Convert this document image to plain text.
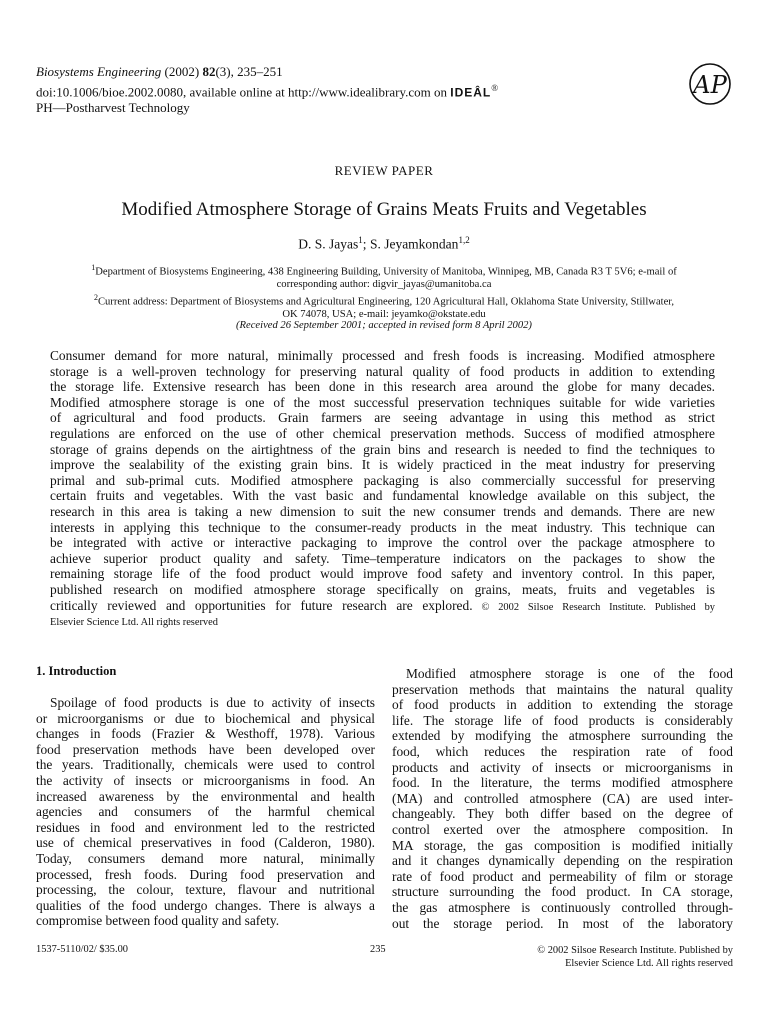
Biosystems Engineering (2002) 82(3), 235–251
doi:10.1006/bioe.2002.0080, available online at http://www.idealibrary.com on IDEÂL®
PH—Postharvest Technology
AP
REVIEW PAPER
Modified Atmosphere Storage of Grains Meats Fruits and Vegetables
D. S. Jayas$^1$; S. Jeyamkondan$^{1,2}$
$^1$Department of Biosystems Engineering, 438 Engineering Building, University of Manitoba, Winnipeg, MB, Canada R3 T 5V6; e-mail of
corresponding author: digvir_jayas@umanitoba.ca
$^2$Current address: Department of Biosystems and Agricultural Engineering, 120 Agricultural Hall, Oklahoma State University, Stillwater,
OK 74078, USA; e-mail: jeyamko@okstate.edu
(Received 26 September 2001; accepted in revised form 8 April 2002)
Consumer demand for more natural, minimally processed and fresh foods is increasing. Modified atmosphere
storage is a well-proven technology for preserving natural quality of food products in addition to extending
the storage life. Extensive research has been done in this research area around the globe for many decades.
Modified atmosphere storage is one of the most successful preservation techniques suitable for wide varieties
of agricultural and food products. Grain farmers are seeing advantage in using this method as strict
regulations are enforced on the use of other chemical preservation methods. Success of modified atmosphere
storage of grains depends on the airtightness of the grain bins and research is needed to find the techniques to
improve the sealability of the existing grain bins. It is widely practiced in the meat industry for preserving
primal and sub-primal cuts. Modified atmosphere packaging is also commercially successful for preserving
certain fruits and vegetables. With the vast basic and fundamental knowledge available on this subject, the
research in this area is taking a new dimension to suit the new consumer trends and demands. There are new
interests in applying this technique to the consumer-ready products in the meat industry. This technique can
be integrated with active or interactive packaging to improve the control over the package atmosphere to
achieve superior product quality and safety. Time–temperature indicators on the packages to show the
remaining storage life of the food product would improve food safety and inventory control. In this paper,
published research on modified atmosphere storage specifically on grains, meats, fruits and vegetables is
critically reviewed and opportunities for future research are explored. © 2002 Silsoe Research Institute. Published by
Elsevier Science Ltd. All rights reserved
1. Introduction
Spoilage of food products is due to activity of insects
or microorganisms or due to biochemical and physical
changes in foods (Frazier & Westhoff, 1978). Various
food preservation methods have been developed over
the years. Traditionally, chemicals were used to control
the activity of insects or microorganisms in food. An
increased awareness by the environmental and health
agencies and consumers of the harmful chemical
residues in food and environment led to the restricted
use of chemical preservatives in food (Calderon, 1980).
Today, consumers demand more natural, minimally
processed, fresh foods. During food preservation and
processing, the colour, texture, flavour and nutritional
qualities of the food undergo changes. There is always a
compromise between food quality and safety.
Modified atmosphere storage is one of the food
preservation methods that maintains the natural quality
of food products in addition to extending the storage
life. The storage life of food products is considerably
extended by modifying the atmosphere surrounding the
food, which reduces the respiration rate of food
products and activity of insects or microorganisms in
food. In the literature, the terms modified atmosphere
(MA) and controlled atmosphere (CA) are used inter-
changeably. They both differ based on the degree of
control exerted over the atmosphere composition. In
MA storage, the gas composition is modified initially
and it changes dynamically depending on the respiration
rate of food product and permeability of film or storage
structure surrounding the food product. In CA storage,
the gas atmosphere is continuously controlled through-
out the storage period. In most of the laboratory
1537-5110/02/ $35.00	235	© 2002 Silsoe Research Institute. Published by
Elsevier Science Ltd. All rights reserved
